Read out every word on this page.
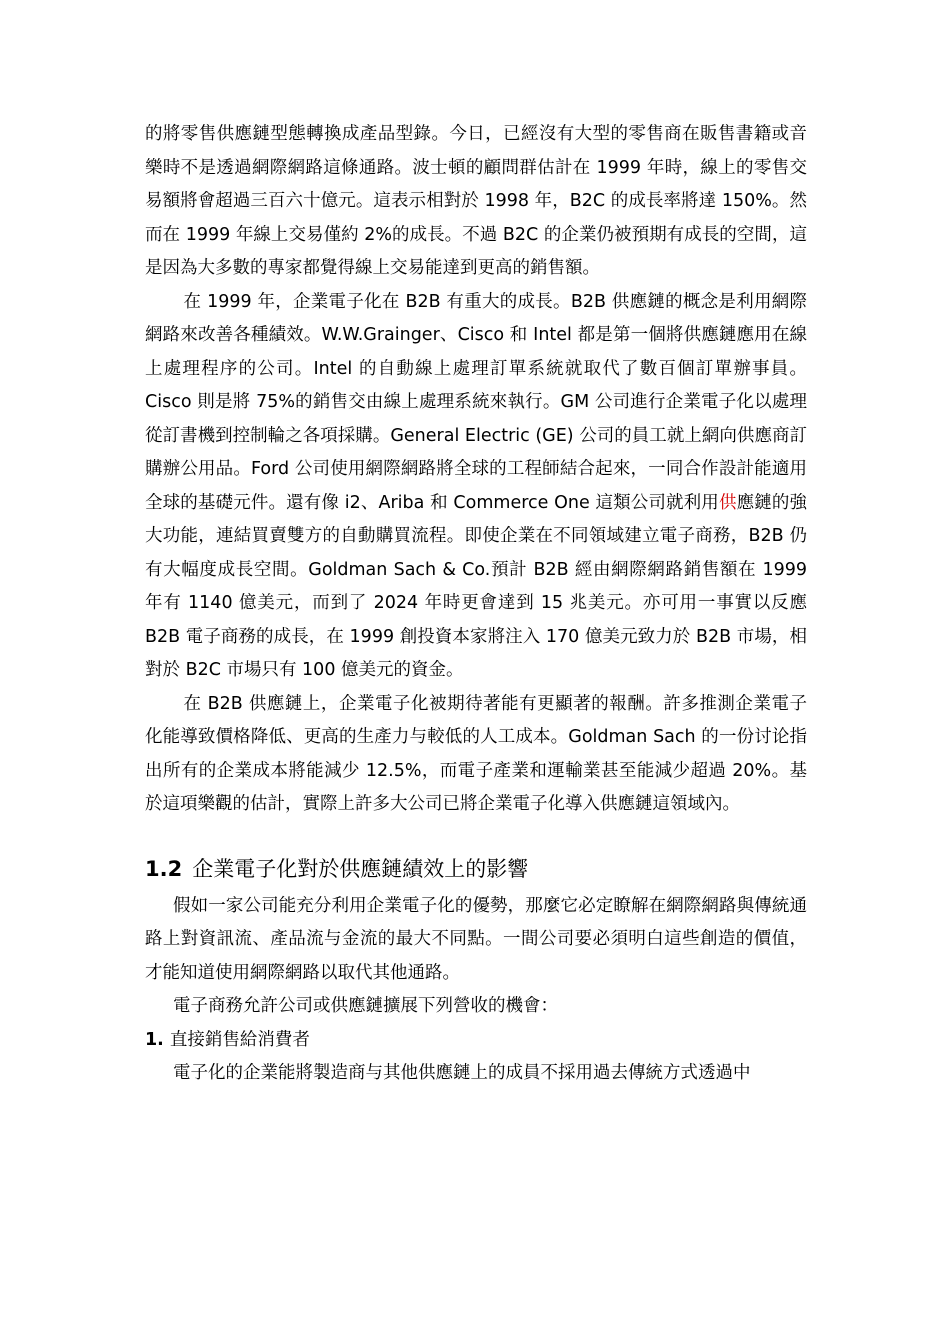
的將零售供應鏈型態轉換成產品型錄。今日，已經沒有大型的零售商在販售書籍或音樂時不是透過網際網路這條通路。波士頓的顧問群估計在 1999 年時，線上的零售交易額將會超過三百六十億元。這表示相對於 1998 年，B2C 的成長率將達 150%。然而在 1999 年線上交易僅約 2%的成長。不過 B2C 的企業仍被預期有成長的空間，這是因為大多數的專家都覺得線上交易能達到更高的銷售額。

在 1999 年，企業電子化在 B2B 有重大的成長。B2B 供應鏈的概念是利用網際網路來改善各種績效。W.W.Grainger、Cisco 和 Intel 都是第一個將供應鏈應用在線上處理程序的公司。Intel 的自動線上處理訂單系統就取代了數百個訂單辦事員。Cisco 則是將 75%的銷售交由線上處理系統來執行。GM 公司進行企業電子化以處理從訂書機到控制輪之各項採購。General Electric (GE) 公司的員工就上網向供應商訂購辦公用品。Ford 公司使用網際網路將全球的工程師結合起來，一同合作設計能適用全球的基礎元件。還有像 i2、Ariba 和 Commerce One 這類公司就利用供應鏈的強大功能，連結買賣雙方的自動購買流程。即使企業在不同領域建立電子商務，B2B 仍有大幅度成長空間。Goldman Sach & Co.預計 B2B 經由網際網路銷售額在 1999 年有 1140 億美元，而到了 2024 年時更會達到 15 兆美元。亦可用一事實以反應 B2B 電子商務的成長，在 1999 創投資本家將注入 170 億美元致力於 B2B 市場，相對於 B2C 市場只有 100 億美元的資金。

在 B2B 供應鏈上，企業電子化被期待著能有更顯著的報酬。許多推測企業電子化能導致價格降低、更高的生產力与較低的人工成本。Goldman Sach 的一份讨论指出所有的企業成本將能減少 12.5%，而電子產業和運輸業甚至能減少超過 20%。基於這項樂觀的估計，實際上許多大公司已將企業電子化導入供應鏈這領域內。

1.2 企業電子化對於供應鏈績效上的影響

假如一家公司能充分利用企業電子化的優勢，那麼它必定瞭解在網際網路與傳統通路上對資訊流、產品流与金流的最大不同點。一間公司要必須明白這些創造的價值，才能知道使用網際網路以取代其他通路。

電子商務允許公司或供應鏈擴展下列營收的機會：

1. 直接銷售給消費者

電子化的企業能將製造商与其他供應鏈上的成員不採用過去傳統方式透過中
